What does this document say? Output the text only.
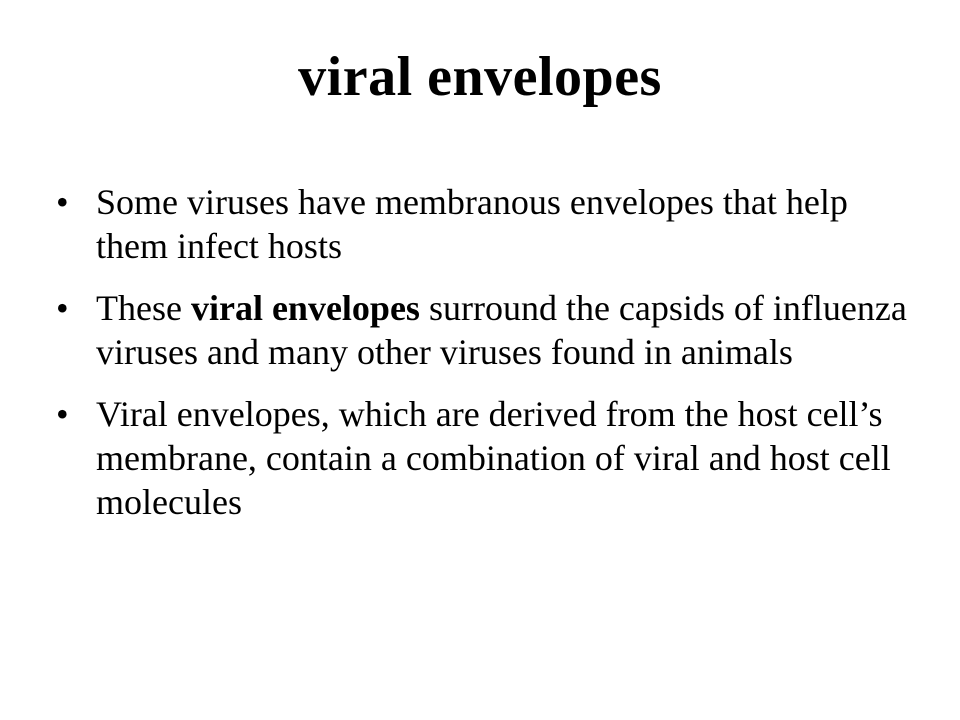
viral envelopes
• Some viruses have membranous envelopes that help them infect hosts
• These viral envelopes surround the capsids of influenza viruses and many other viruses found in animals
• Viral envelopes, which are derived from the host cell’s membrane, contain a combination of viral and host cell molecules
